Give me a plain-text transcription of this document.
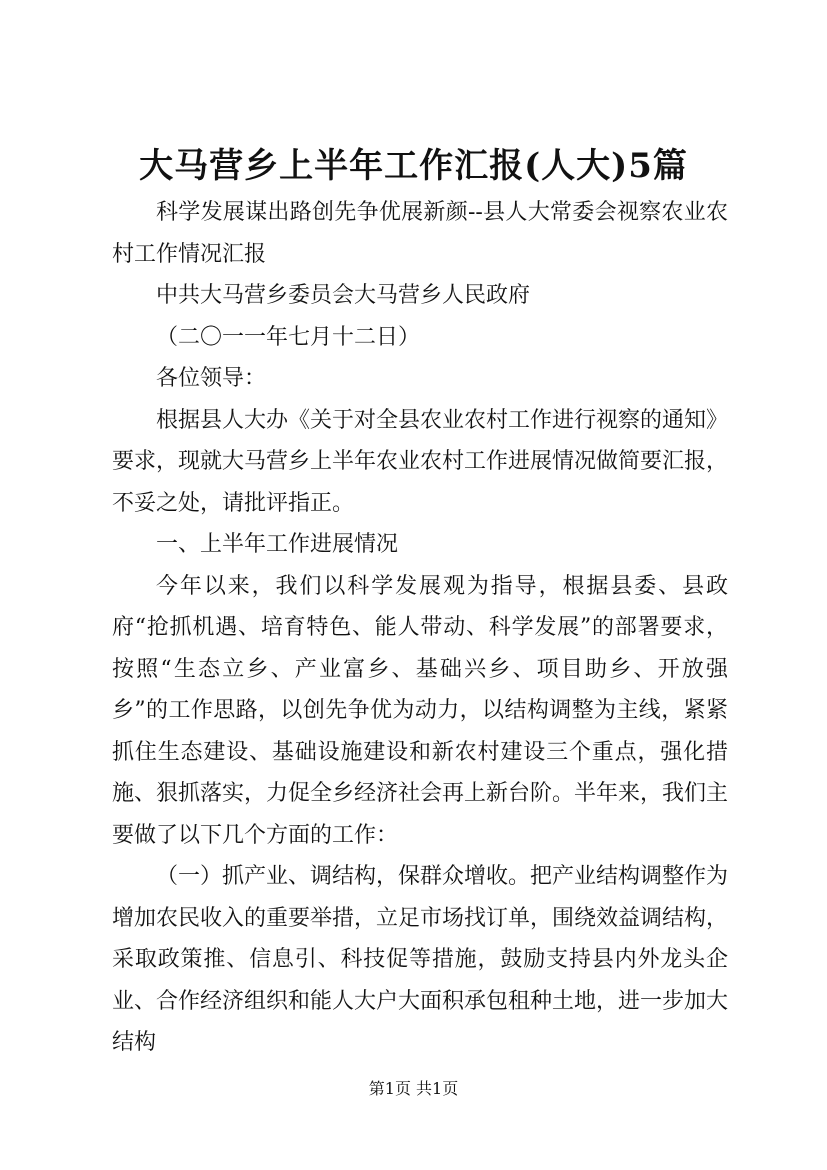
大马营乡上半年工作汇报(人大)5篇

科学发展谋出路创先争优展新颜--县人大常委会视察农业农村工作情况汇报

中共大马营乡委员会大马营乡人民政府

（二〇一一年七月十二日）

各位领导：

根据县人大办《关于对全县农业农村工作进行视察的通知》要求，现就大马营乡上半年农业农村工作进展情况做简要汇报，不妥之处，请批评指正。

一、上半年工作进展情况

今年以来，我们以科学发展观为指导，根据县委、县政府“抢抓机遇、培育特色、能人带动、科学发展”的部署要求，按照“生态立乡、产业富乡、基础兴乡、项目助乡、开放强乡”的工作思路，以创先争优为动力，以结构调整为主线，紧紧抓住生态建设、基础设施建设和新农村建设三个重点，强化措施、狠抓落实，力促全乡经济社会再上新台阶。半年来，我们主要做了以下几个方面的工作：

（一）抓产业、调结构，保群众增收。把产业结构调整作为增加农民收入的重要举措，立足市场找订单，围绕效益调结构，采取政策推、信息引、科技促等措施，鼓励支持县内外龙头企业、合作经济组织和能人大户大面积承包租种土地，进一步加大结构

第1页 共1页
